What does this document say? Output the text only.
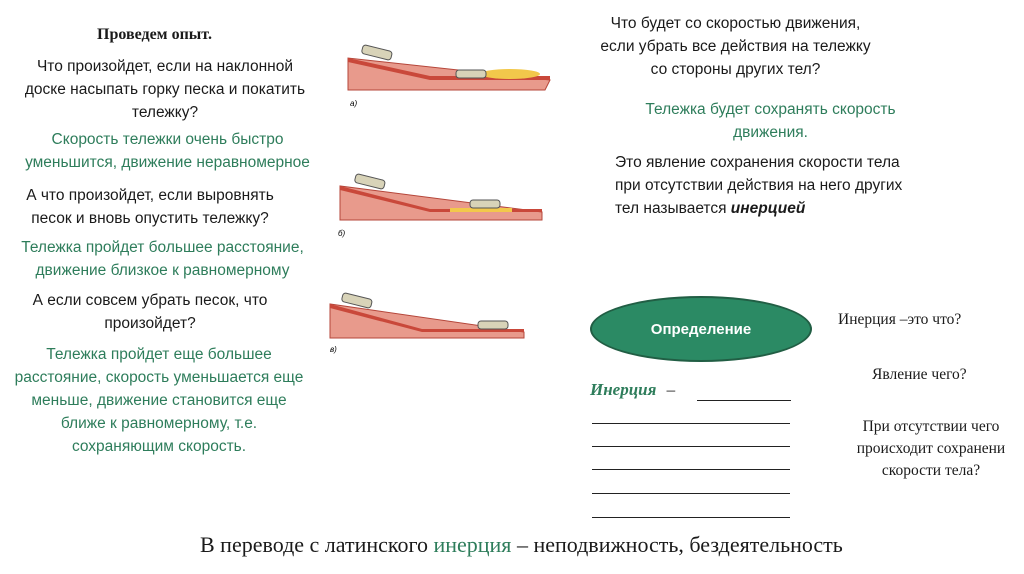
Проведем опыт.
Что произойдет, если на наклонной
доске насыпать горку песка и покатить
тележку?
Скорость тележки очень быстро
уменьшится, движение неравномерное
А что произойдет, если выровнять
песок и вновь опустить тележку?
Тележка пройдет большее расстояние,
движение близкое к равномерному
А если совсем убрать песок, что
произойдет?
Тележка пройдет еще большее
расстояние, скорость уменьшается еще
меньше, движение становится еще
ближе к равномерному, т.е.
сохраняющим скорость.
а)
б)
в)
Что будет со скоростью движения,
если убрать все действия на тележку
со стороны других тел?
Тележка будет сохранять скорость
движения.
Это явление сохранения скорости тела
при отсутствии действия на него других
тел называется инерцией
Определение
Инерция –это что?
Явление чего?
При отсутствии чего
происходит сохранени
скорости тела?
Инерция –
В переводе с латинского инерция – неподвижность, бездеятельность
